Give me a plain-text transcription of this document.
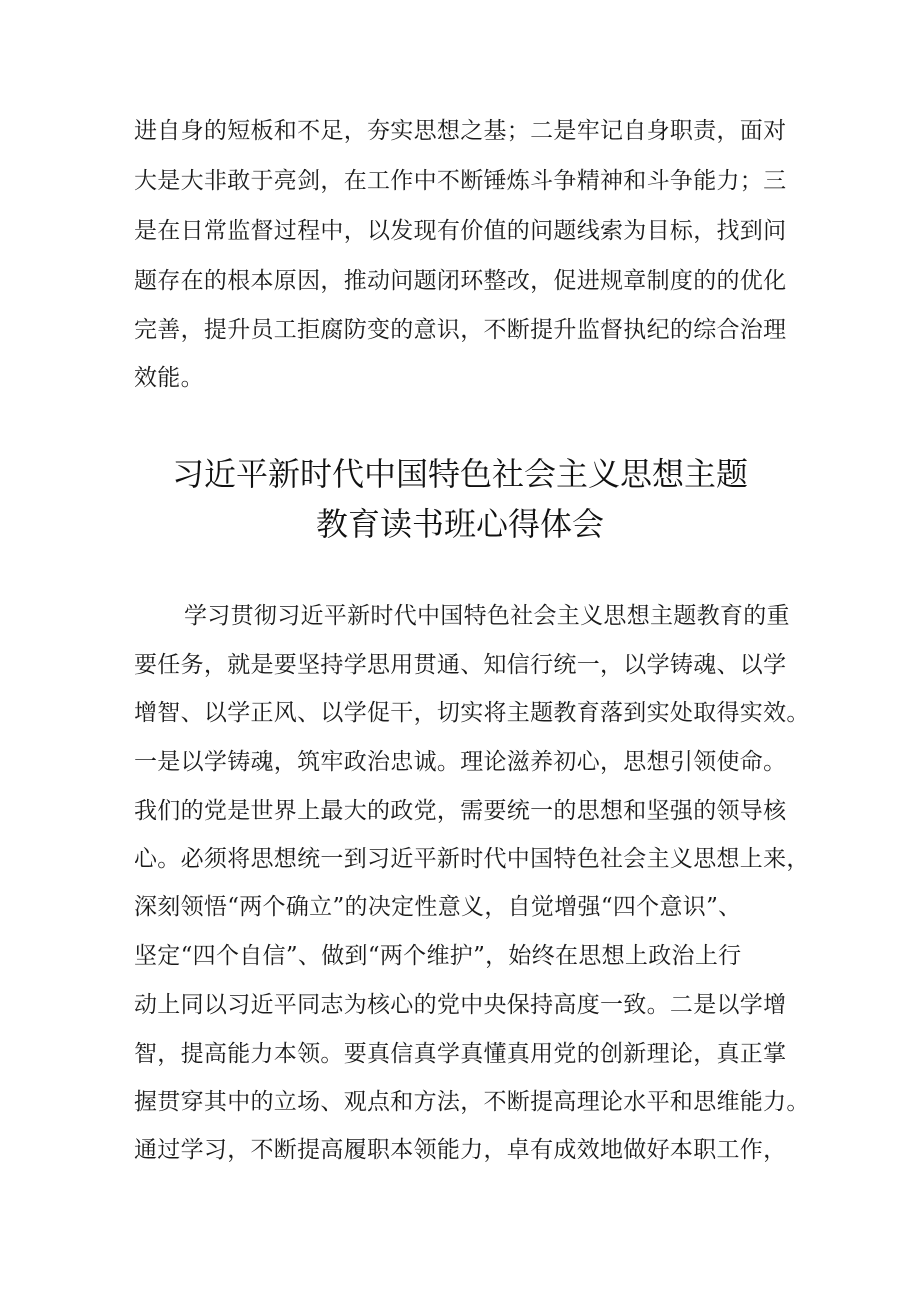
进自身的短板和不足，夯实思想之基；二是牢记自身职责，面对
大是大非敢于亮剑，在工作中不断锤炼斗争精神和斗争能力；三
是在日常监督过程中，以发现有价值的问题线索为目标，找到问
题存在的根本原因，推动问题闭环整改，促进规章制度的的优化
完善，提升员工拒腐防变的意识，不断提升监督执纪的综合治理
效能。
习近平新时代中国特色社会主义思想主题
教育读书班心得体会
学习贯彻习近平新时代中国特色社会主义思想主题教育的重
要任务，就是要坚持学思用贯通、知信行统一，以学铸魂、以学
增智、以学正风、以学促干，切实将主题教育落到实处取得实效。
一是以学铸魂，筑牢政治忠诚。理论滋养初心，思想引领使命。
我们的党是世界上最大的政党，需要统一的思想和坚强的领导核
心。必须将思想统一到习近平新时代中国特色社会主义思想上来，
深刻领悟“两个确立”的决定性意义，自觉增强“四个意识”、
坚定“四个自信”、做到“两个维护”，始终在思想上政治上行
动上同以习近平同志为核心的党中央保持高度一致。二是以学增
智，提高能力本领。要真信真学真懂真用党的创新理论，真正掌
握贯穿其中的立场、观点和方法，不断提高理论水平和思维能力。
通过学习，不断提高履职本领能力，卓有成效地做好本职工作，
